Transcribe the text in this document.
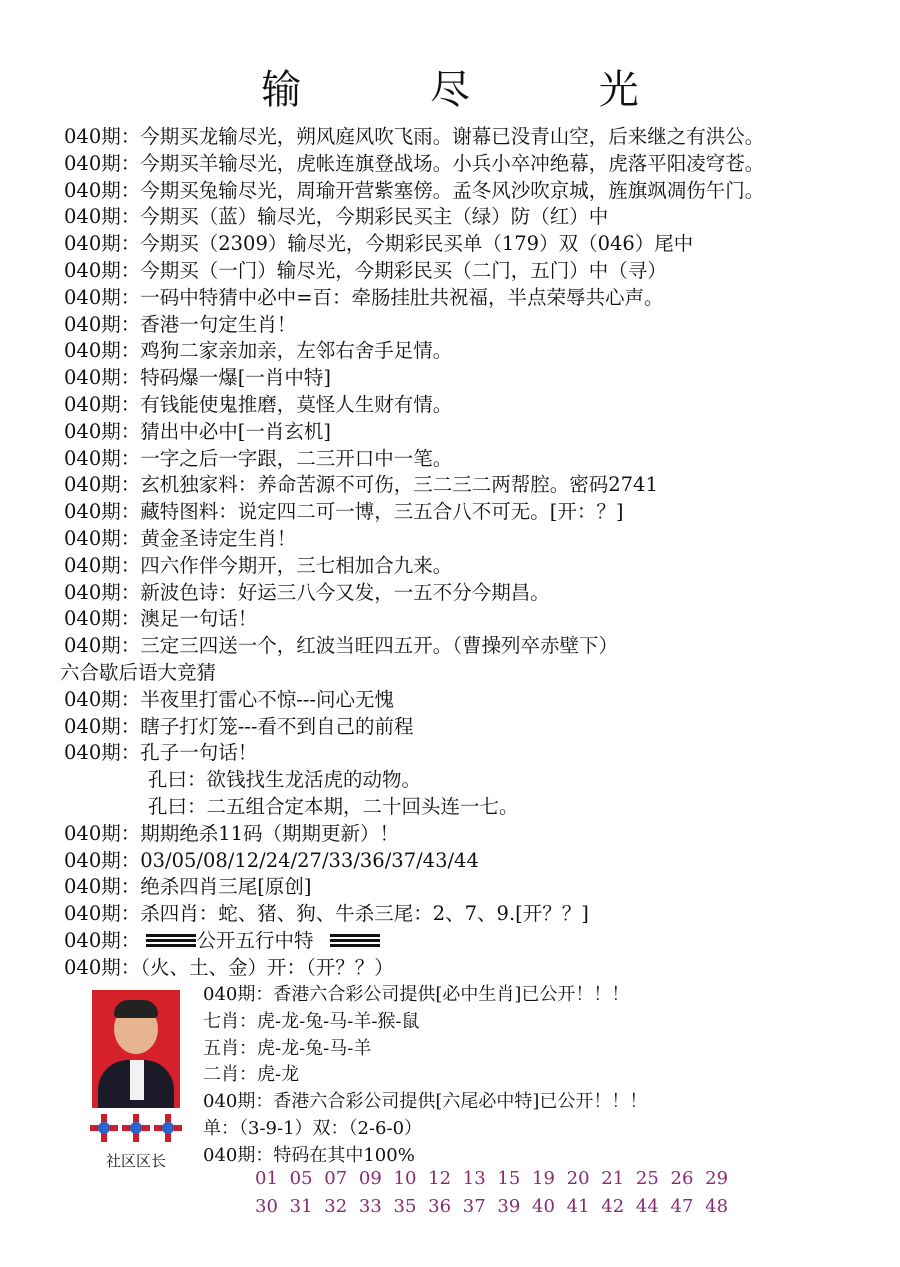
输 尽 光
040期：今期买龙输尽光，朔风庭风吹飞雨。谢幕已没青山空，后来继之有洪公。
040期：今期买羊输尽光，虎帐连旗登战场。小兵小卒冲绝幕，虎落平阳凌穹苍。
040期：今期买兔输尽光，周瑜开营紫塞傍。孟冬风沙吹京城，旌旗飒凋伤午门。
040期：今期买（蓝）输尽光，今期彩民买主（绿）防（红）中
040期：今期买（2309）输尽光，今期彩民买单（179）双（046）尾中
040期：今期买（一门）输尽光，今期彩民买（二门，五门）中（寻）
040期：一码中特猜中必中=百：牵肠挂肚共祝福，半点荣辱共心声。
040期：香港一句定生肖！
040期：鸡狗二家亲加亲，左邻右舍手足情。
040期：特码爆一爆[一肖中特]
040期：有钱能使鬼推磨，莫怪人生财有情。
040期：猜出中必中[一肖玄机]
040期：一字之后一字跟，二三开口中一笔。
040期：玄机独家料：养命苦源不可伤，三二三二两帮腔。密码2741
040期：藏特图料：说定四二可一博，三五合八不可无。[开：？]
040期：黄金圣诗定生肖！
040期：四六作伴今期开，三七相加合九来。
040期：新波色诗：好运三八今又发，一五不分今期昌。
040期：澳足一句话！
040期：三定三四送一个，红波当旺四五开。（曹操列卒赤壁下）
六合歇后语大竞猜
040期：半夜里打雷心不惊---问心无愧
040期：瞎子打灯笼---看不到自己的前程
040期：孔子一句话！
孔曰：欲钱找生龙活虎的动物。
孔曰：二五组合定本期，二十回头连一七。
040期：期期绝杀11码（期期更新）！
040期：03/05/08/12/24/27/33/36/37/43/44
040期：绝杀四肖三尾[原创]
040期：杀四肖：蛇、猪、狗、牛杀三尾：2、7、9.[开？？]
040期：	公开五行中特
040期：（火、土、金）开：（开？？）
社区区长
040期：香港六合彩公司提供[必中生肖]已公开！！！
七肖：虎-龙-兔-马-羊-猴-鼠
五肖：虎-龙-兔-马-羊
二肖：虎-龙
040期：香港六合彩公司提供[六尾必中特]已公开！！！
单：（3-9-1）双：（2-6-0）
040期：特码在其中100%
01 05 07 09 10 12 13 15 19 20 21 25 26 29
30 31 32 33 35 36 37 39 40 41 42 44 47 48
